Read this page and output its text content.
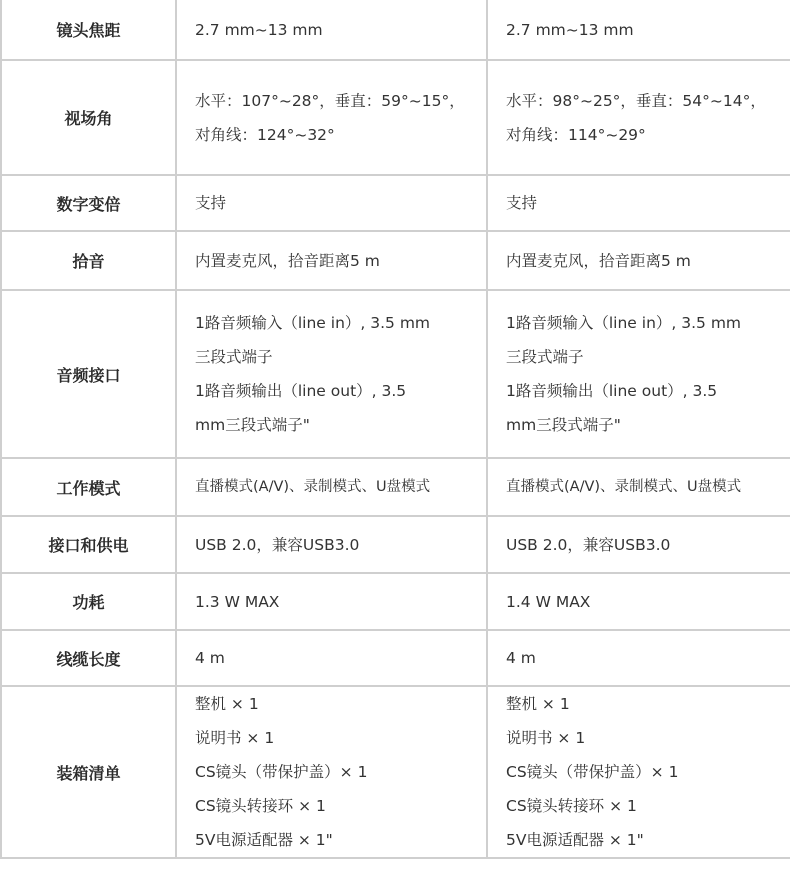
镜头焦距	2.7 mm~13 mm	2.7 mm~13 mm

视场角	水平：107°~28°，垂直：59°~15°，
对角线：124°~32°	水平：98°~25°，垂直：54°~14°，
对角线：114°~29°

数字变倍	支持	支持

拾音	内置麦克风，拾音距离5 m	内置麦克风，拾音距离5 m

音频接口	1路音频输入（line in）, 3.5 mm
三段式端子
1路音频输出（line out）, 3.5
mm三段式端子"	1路音频输入（line in）, 3.5 mm
三段式端子
1路音频输出（line out）, 3.5
mm三段式端子"

工作模式	直播模式(A/V)、录制模式、U盘模式	直播模式(A/V)、录制模式、U盘模式

接口和供电	USB 2.0，兼容USB3.0	USB 2.0，兼容USB3.0

功耗	1.3 W MAX	1.4 W MAX

线缆长度	4 m	4 m

装箱清单	整机 × 1
说明书 × 1
CS镜头（带保护盖）× 1
CS镜头转接环 × 1
5V电源适配器 × 1"	整机 × 1
说明书 × 1
CS镜头（带保护盖）× 1
CS镜头转接环 × 1
5V电源适配器 × 1"
